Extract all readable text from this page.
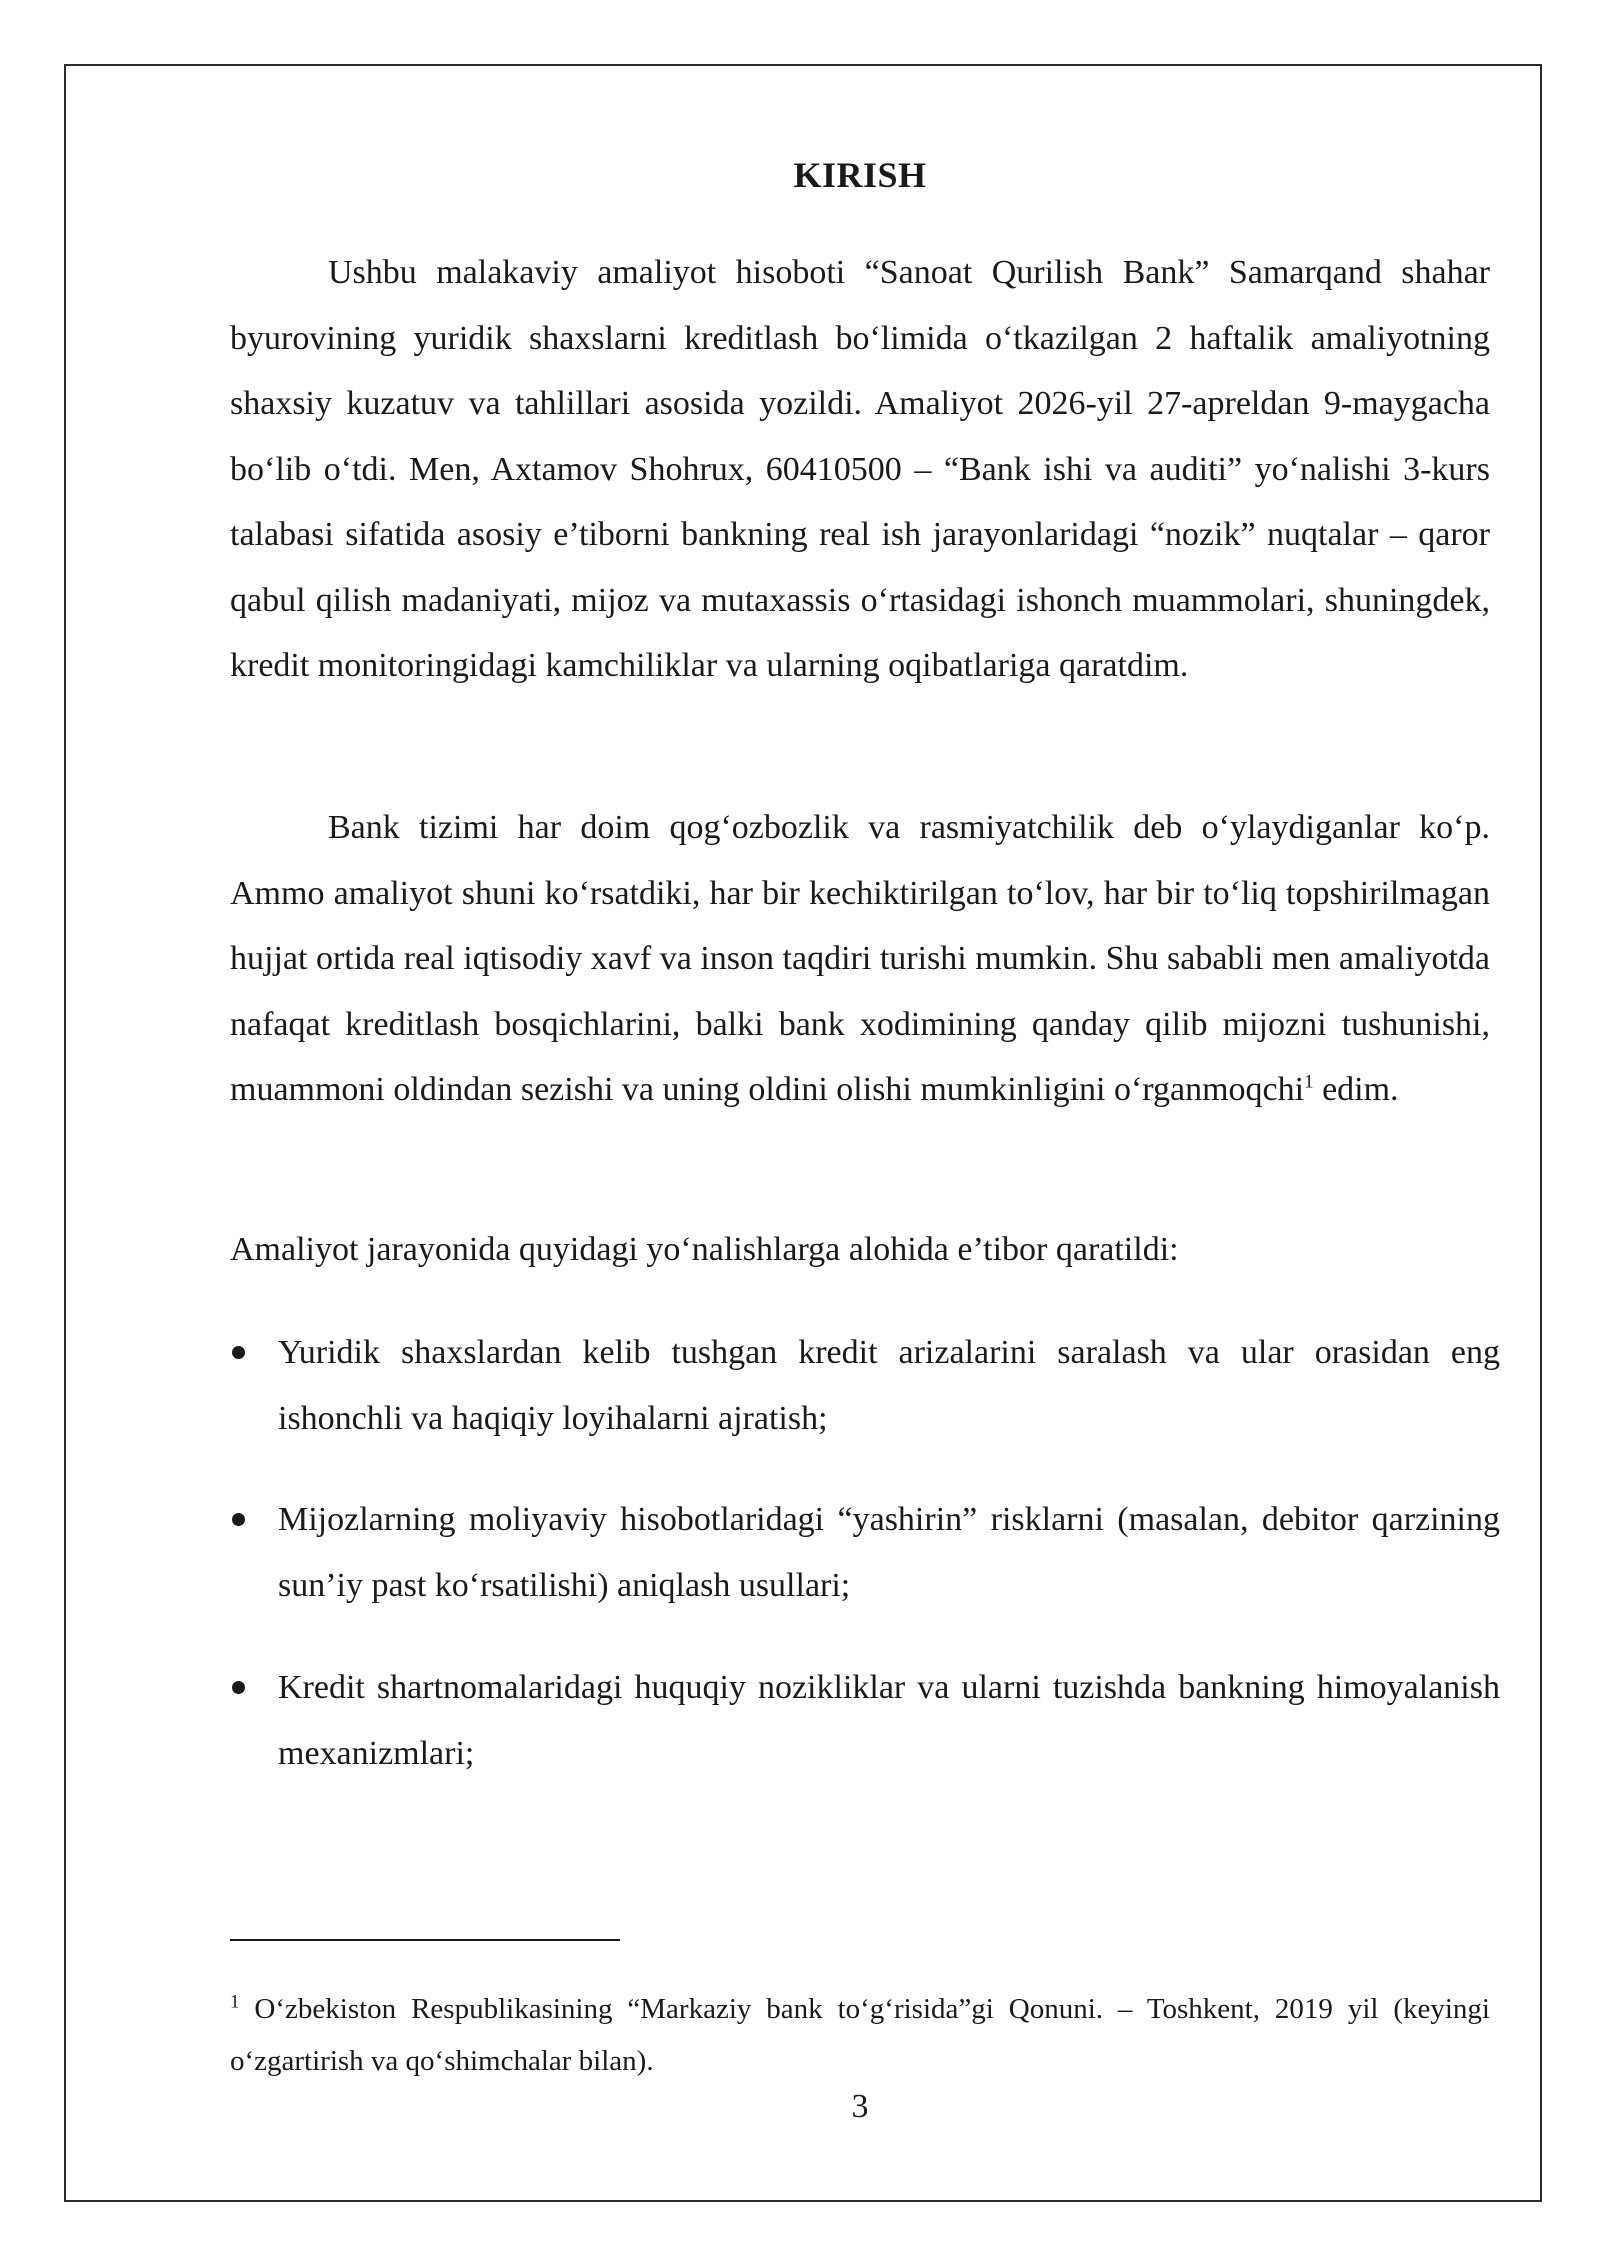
KIRISH

Ushbu malakaviy amaliyot hisoboti “Sanoat Qurilish Bank” Samarqand shahar byurovining yuridik shaxslarni kreditlash boʻlimida oʻtkazilgan 2 haftalik amaliyotning shaxsiy kuzatuv va tahlillari asosida yozildi. Amaliyot 2026-yil 27-apreldan 9-maygacha boʻlib oʻtdi. Men, Axtamov Shohrux, 60410500 – “Bank ishi va auditi” yoʻnalishi 3-kurs talabasi sifatida asosiy e’tiborni bankning real ish jarayonlaridagi “nozik” nuqtalar – qaror qabul qilish madaniyati, mijoz va mutaxassis oʻrtasidagi ishonch muammolari, shuningdek, kredit monitoringidagi kamchiliklar va ularning oqibatlariga qaratdim.

Bank tizimi har doim qogʻozbozlik va rasmiyatchilik deb oʻylaydiganlar koʻp. Ammo amaliyot shuni koʻrsatdiki, har bir kechiktirilgan toʻlov, har bir toʻliq topshirilmagan hujjat ortida real iqtisodiy xavf va inson taqdiri turishi mumkin. Shu sababli men amaliyotda nafaqat kreditlash bosqichlarini, balki bank xodimining qanday qilib mijozni tushunishi, muammoni oldindan sezishi va uning oldini olishi mumkinligini oʻrganmoqchi$^1$ edim.

Amaliyot jarayonida quyidagi yoʻnalishlarga alohida e’tibor qaratildi:

Yuridik shaxslardan kelib tushgan kredit arizalarini saralash va ular orasidan eng ishonchli va haqiqiy loyihalarni ajratish;
Mijozlarning moliyaviy hisobotlaridagi “yashirin” risklarni (masalan, debitor qarzining sun’iy past koʻrsatilishi) aniqlash usullari;
Kredit shartnomalaridagi huquqiy nozikliklar va ularni tuzishda bankning himoyalanish mexanizmlari;

$^1$ Oʻzbekiston Respublikasining “Markaziy bank toʻgʻrisida”gi Qonuni. – Toshkent, 2019 yil (keyingi oʻzgartirish va qoʻshimchalar bilan).

3
